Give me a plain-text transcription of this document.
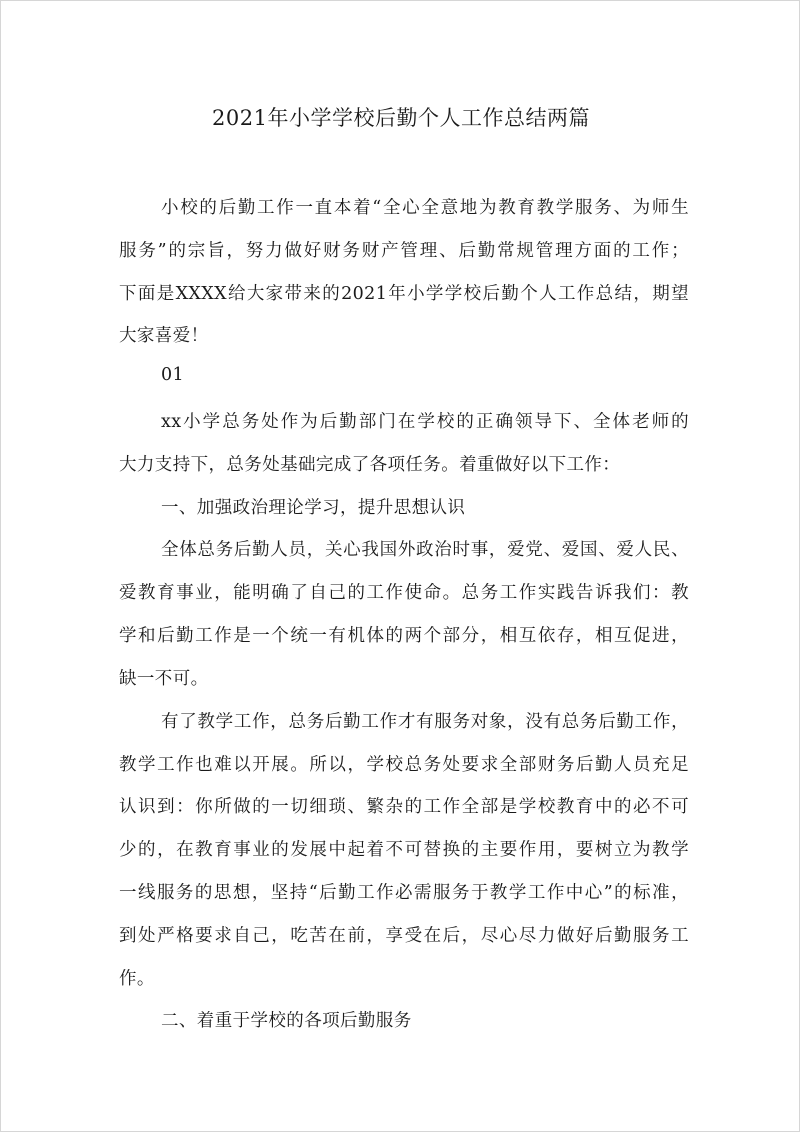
2021年小学学校后勤个人工作总结两篇
小校的后勤工作一直本着“全心全意地为教育教学服务、为师生
服务”的宗旨，努力做好财务财产管理、后勤常规管理方面的工作；
下面是XXXX给大家带来的2021年小学学校后勤个人工作总结，期望
大家喜爱！
01
xx小学总务处作为后勤部门在学校的正确领导下、全体老师的
大力支持下，总务处基础完成了各项任务。着重做好以下工作：
一、加强政治理论学习，提升思想认识
全体总务后勤人员，关心我国外政治时事，爱党、爱国、爱人民、
爱教育事业，能明确了自己的工作使命。总务工作实践告诉我们：教
学和后勤工作是一个统一有机体的两个部分，相互依存，相互促进，
缺一不可。
有了教学工作，总务后勤工作才有服务对象，没有总务后勤工作，
教学工作也难以开展。所以，学校总务处要求全部财务后勤人员充足
认识到：你所做的一切细琐、繁杂的工作全部是学校教育中的必不可
少的，在教育事业的发展中起着不可替换的主要作用，要树立为教学
一线服务的思想，坚持“后勤工作必需服务于教学工作中心”的标准，
到处严格要求自己，吃苦在前，享受在后，尽心尽力做好后勤服务工
作。
二、着重于学校的各项后勤服务
